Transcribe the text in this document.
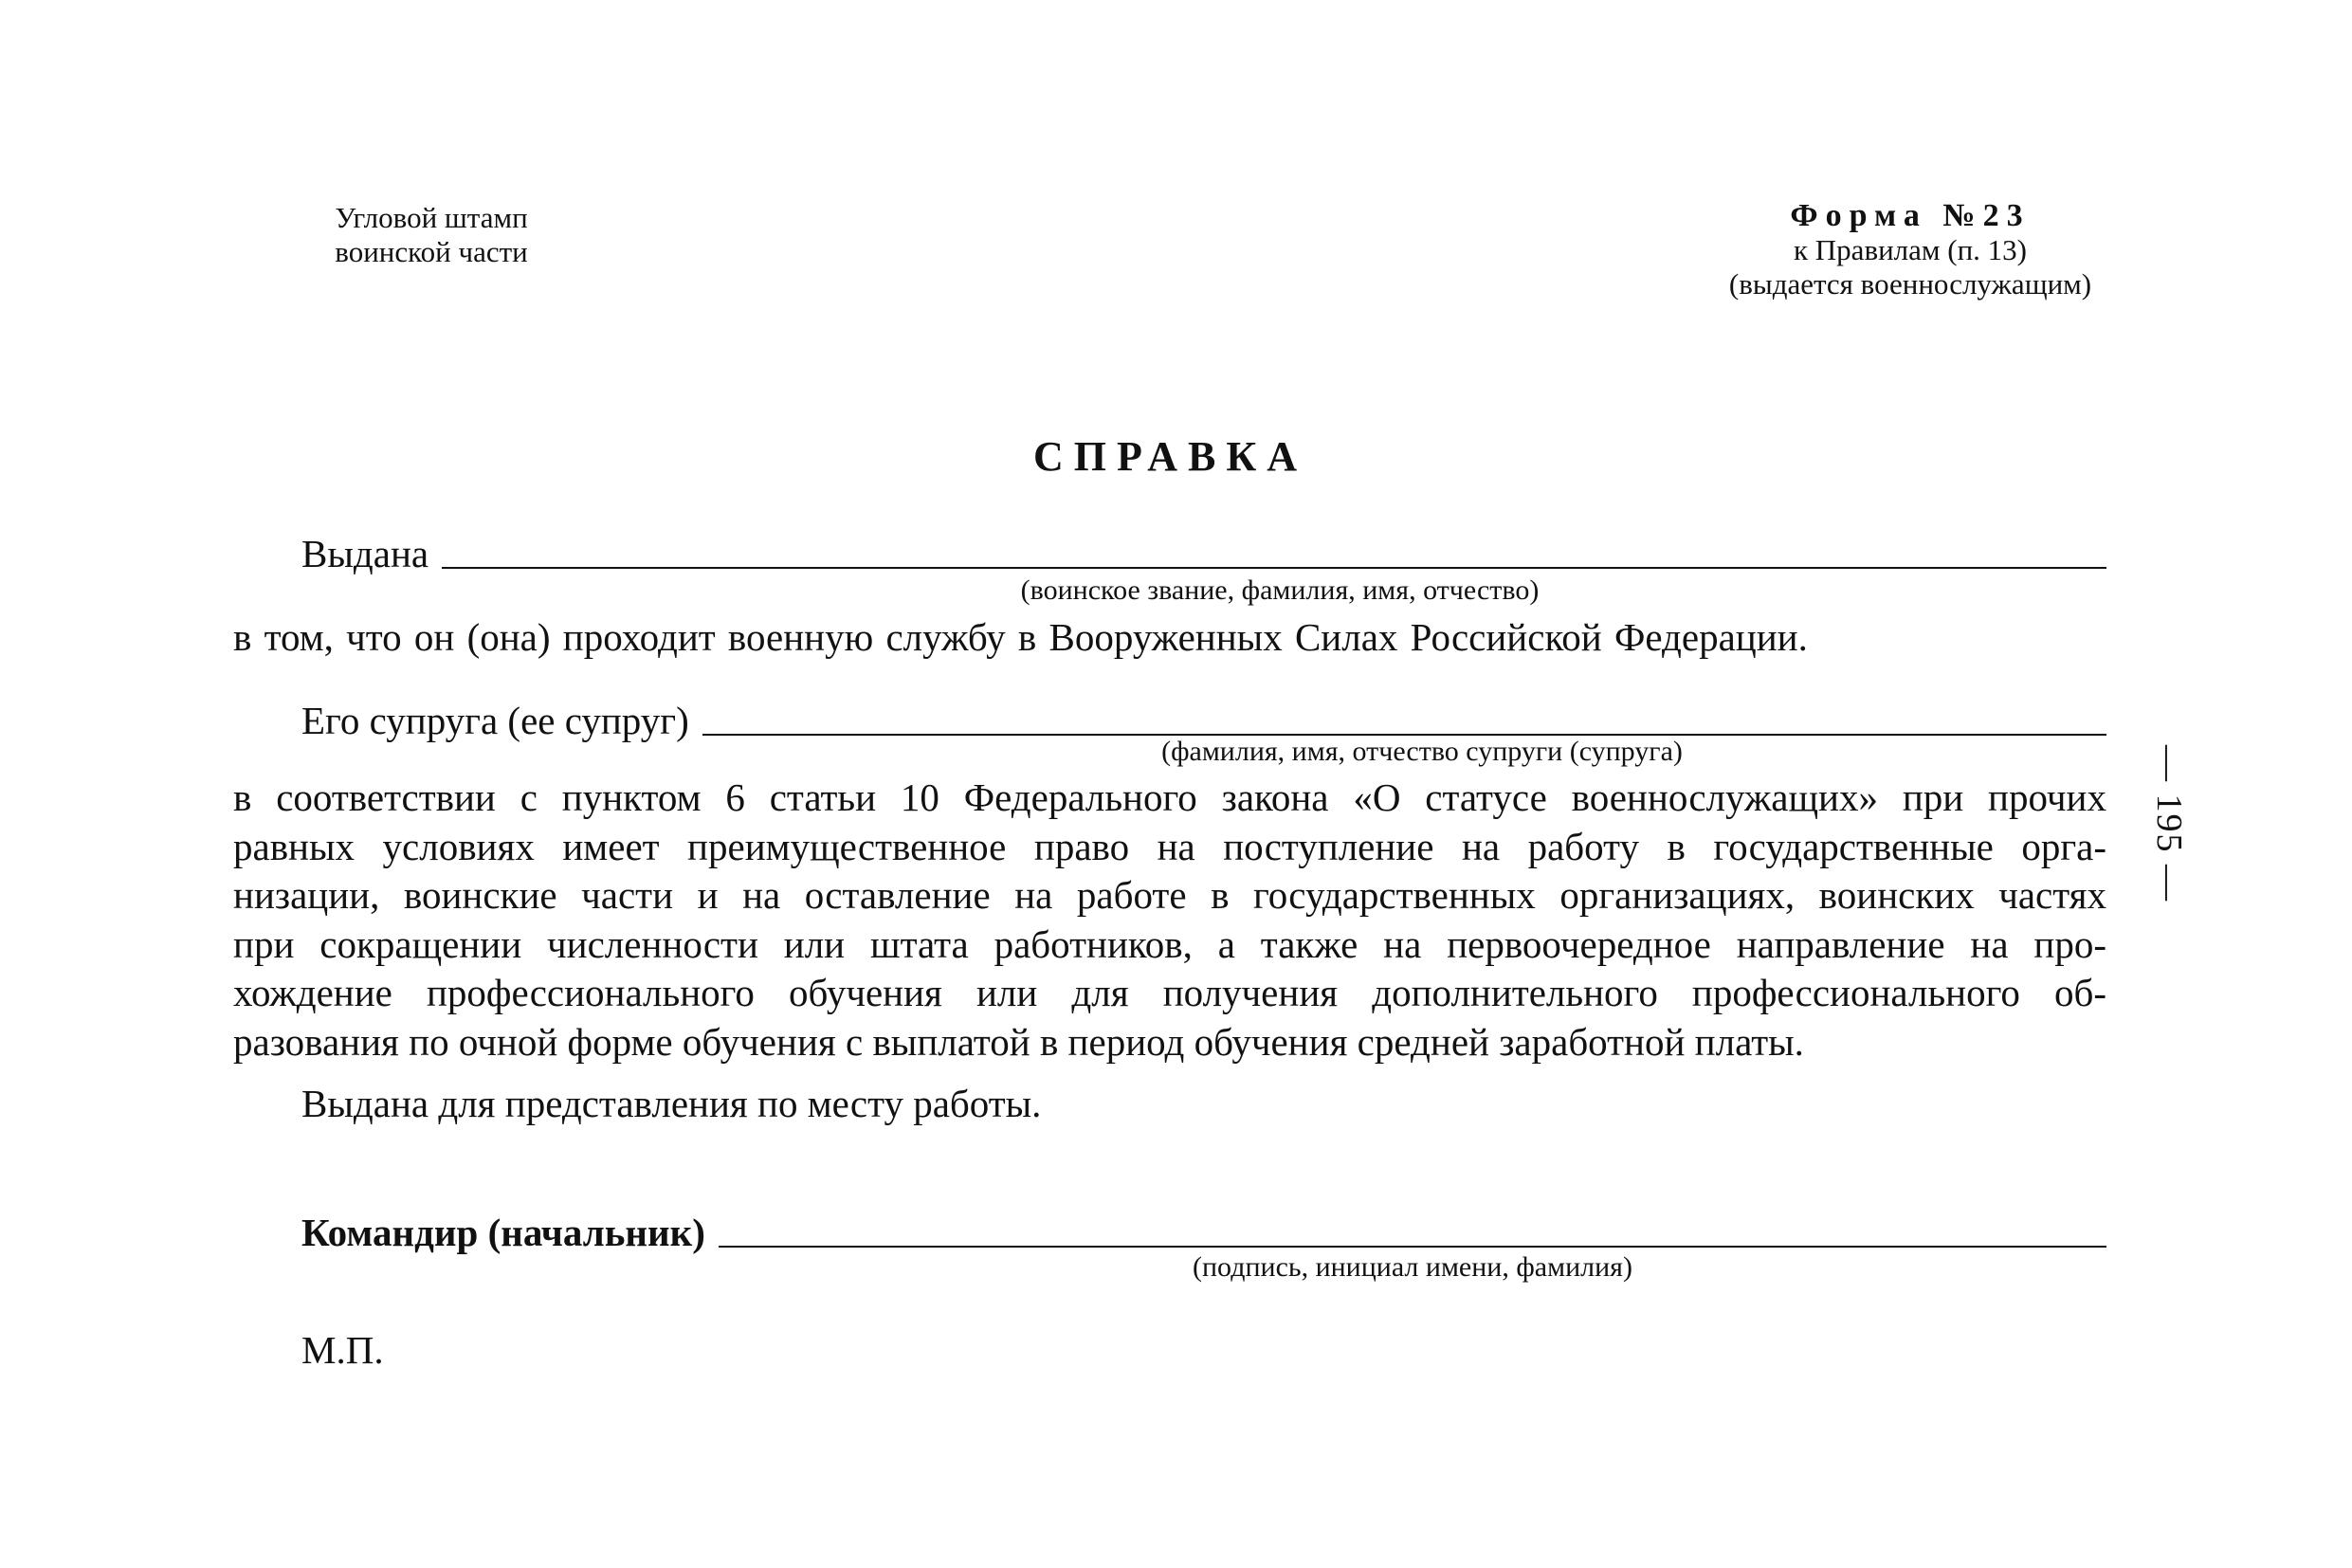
Угловой штамп
воинской части
Форма №23
к Правилам (п. 13)
(выдается военнослужащим)
СПРАВКА
Выдана
(воинское звание, фамилия, имя, отчество)
в том, что он (она) проходит военную службу в Вооруженных Силах Российской Федерации.
Его супруга (ее супруг)
(фамилия, имя, отчество супруги (супруга)
в соответствии с пунктом 6 статьи 10 Федерального закона «О статусе военнослужащих» при прочих
равных условиях имеет преимущественное право на поступление на работу в государственные орга-
низации, воинские части и на оставление на работе в государственных организациях, воинских частях
при сокращении численности или штата работников, а также на первоочередное направление на про-
хождение профессионального обучения или для получения дополнительного профессионального об-
разования по очной форме обучения с выплатой в период обучения средней заработной платы.
Выдана для представления по месту работы.
Командир (начальник)
(подпись, инициал имени, фамилия)
М.П.
— 195 —
